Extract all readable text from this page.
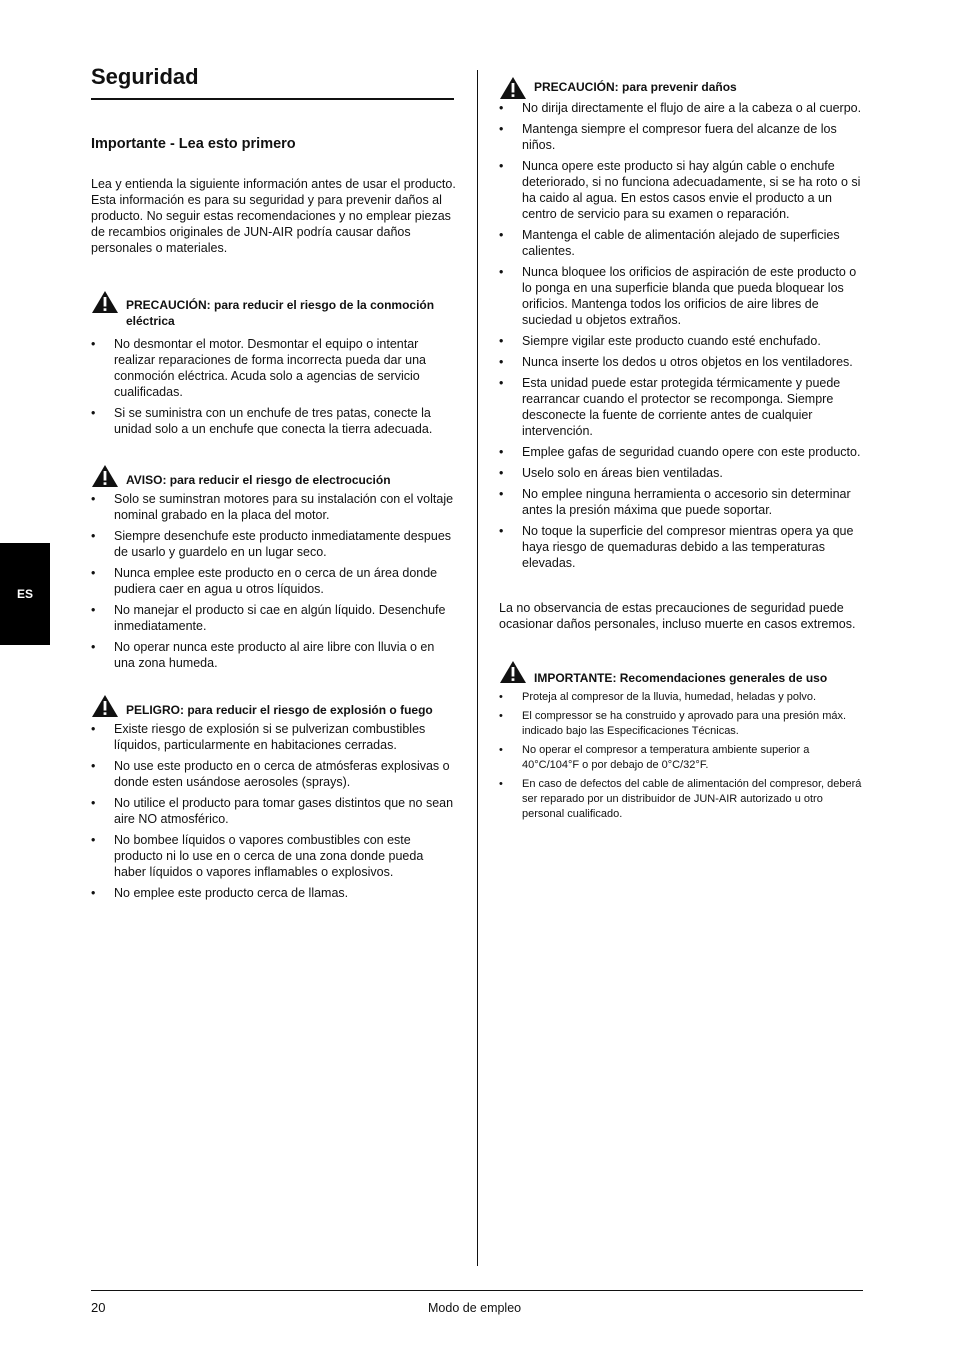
Seguridad
Importante - Lea esto primero
ES

Lea y entienda la siguiente información antes de usar el producto. Esta información es para su seguridad y para prevenir daños al producto. No seguir estas recomendaciones y no emplear piezas de recambios originales de JUN-AIR podría causar daños personales o materiales.

PRECAUCIÓN: para reducir el riesgo de la conmoción eléctrica
• No desmontar el motor. Desmontar el equipo o intentar realizar reparaciones de forma incorrecta pueda dar una conmoción eléctrica. Acuda solo a agencias de servicio cualificadas.
• Si se suministra con un enchufe de tres patas, conecte la unidad solo a un enchufe que conecta la tierra adecuada.
AVISO: para reducir el riesgo de electrocución
• Solo se suminstran motores para su instalación con el voltaje nominal grabado en la placa del motor.
• Siempre desenchufe este producto inmediatamente despues de usarlo y guardelo en un lugar seco.
• Nunca emplee este producto en o cerca de un área donde pudiera caer en agua u otros líquidos.
• No manejar el producto si cae en algún líquido. Desenchufe inmediatamente.
• No operar nunca este producto al aire libre con lluvia o en una zona humeda.
PELIGRO: para reducir el riesgo de explosión o fuego
• Existe riesgo de explosión si se pulverizan combustibles líquidos, particularmente en habitaciones cerradas.
• No use este producto en o cerca de atmósferas explosivas o donde esten usándose aerosoles (sprays).
• No utilice el producto para tomar gases distintos que no sean aire NO atmosférico.
• No bombee líquidos o vapores combustibles con este producto ni lo use en o cerca de una zona donde pueda haber líquidos o vapores inflamables o explosivos.
• No emplee este producto cerca de llamas.
PRECAUCIÓN: para prevenir daños
• No dirija directamente el flujo de aire a la cabeza o al cuerpo.
• Mantenga siempre el compresor fuera del alcanze de los niños.
• Nunca opere este producto si hay algún cable o enchufe deteriorado, si no funciona adecuadamente, si se ha roto o si ha caido al agua. En estos casos envie el producto a un centro de servicio para su examen o reparación.
• Mantenga el cable de alimentación alejado de superficies calientes.
• Nunca bloquee los orificios de aspiración de este producto o lo ponga en una superficie blanda que pueda bloquear los orificios. Mantenga todos los orificios de aire libres de suciedad u objetos extraños.
• Siempre vigilar este producto cuando esté enchufado.
• Nunca inserte los dedos u otros objetos en los ventiladores.
• Esta unidad puede estar protegida térmicamente y puede rearrancar cuando el protector se recomponga. Siempre desconecte la fuente de corriente antes de cualquier intervención.
• Emplee gafas de seguridad cuando opere con este producto.
• Uselo solo en áreas bien ventiladas.
• No emplee ninguna herramienta o accesorio sin determinar antes la presión máxima que puede soportar.
• No toque la superficie del compresor mientras opera ya que haya riesgo de quemaduras debido a las temperaturas elevadas.

La no observancia de estas precauciones de seguridad puede ocasionar daños personales, incluso muerte en casos extremos.

IMPORTANTE: Recomendaciones generales de uso
• Proteja al compresor de la lluvia, humedad, heladas y polvo.
• El compressor se ha construido y aprovado para una presión máx. indicado bajo las Especificaciones Técnicas.
• No operar el compresor a temperatura ambiente superior a 40°C/104°F o por debajo de 0°C/32°F.
• En caso de defectos del cable de alimentación del compresor, deberá ser reparado por un distribuidor de JUN-AIR autorizado u otro personal cualificado.
20	Modo de empleo
